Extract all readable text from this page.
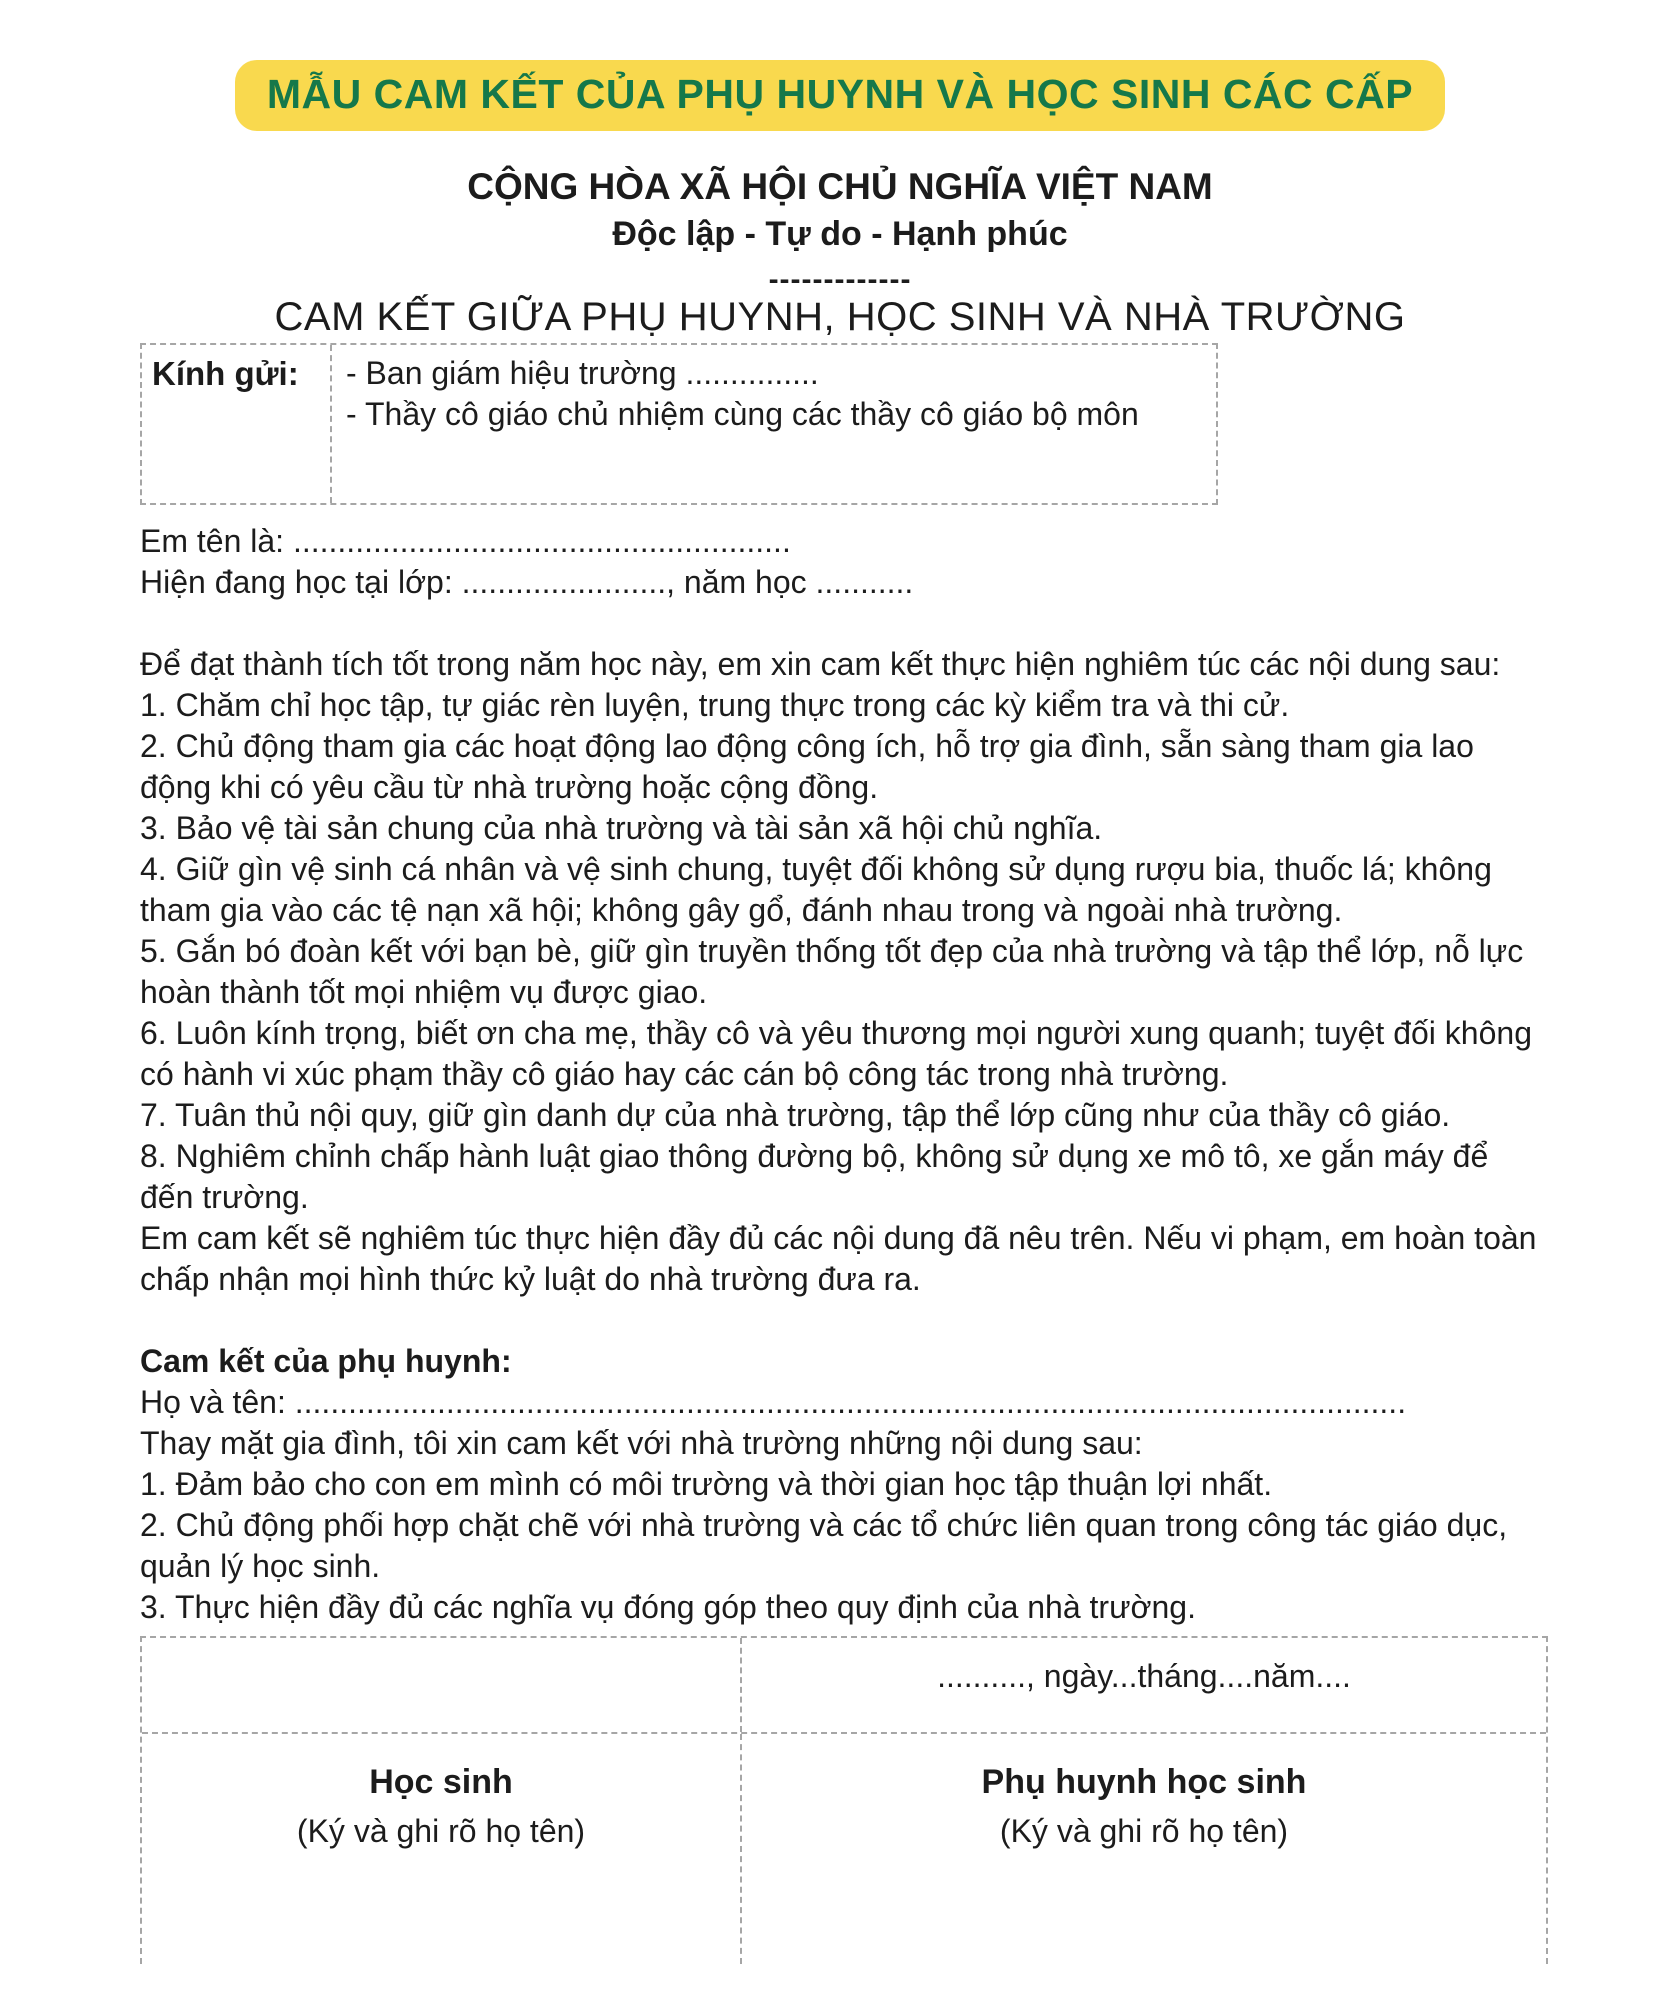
MẪU CAM KẾT CỦA PHỤ HUYNH VÀ HỌC SINH CÁC CẤP
CỘNG HÒA XÃ HỘI CHỦ NGHĨA VIỆT NAM
Độc lập - Tự do - Hạnh phúc
-------------
CAM KẾT GIỮA PHỤ HUYNH, HỌC SINH VÀ NHÀ TRƯỜNG
Kính gửi:	- Ban giám hiệu trường ...............
- Thầy cô giáo chủ nhiệm cùng các thầy cô giáo bộ môn
Em tên là: ........................................................
Hiện đang học tại lớp: ......................., năm học ...........
Để đạt thành tích tốt trong năm học này, em xin cam kết thực hiện nghiêm túc các nội dung sau:
1. Chăm chỉ học tập, tự giác rèn luyện, trung thực trong các kỳ kiểm tra và thi cử.
2. Chủ động tham gia các hoạt động lao động công ích, hỗ trợ gia đình, sẵn sàng tham gia lao động khi có yêu cầu từ nhà trường hoặc cộng đồng.
3. Bảo vệ tài sản chung của nhà trường và tài sản xã hội chủ nghĩa.
4. Giữ gìn vệ sinh cá nhân và vệ sinh chung, tuyệt đối không sử dụng rượu bia, thuốc lá; không tham gia vào các tệ nạn xã hội; không gây gổ, đánh nhau trong và ngoài nhà trường.
5. Gắn bó đoàn kết với bạn bè, giữ gìn truyền thống tốt đẹp của nhà trường và tập thể lớp, nỗ lực hoàn thành tốt mọi nhiệm vụ được giao.
6. Luôn kính trọng, biết ơn cha mẹ, thầy cô và yêu thương mọi người xung quanh; tuyệt đối không có hành vi xúc phạm thầy cô giáo hay các cán bộ công tác trong nhà trường.
7. Tuân thủ nội quy, giữ gìn danh dự của nhà trường, tập thể lớp cũng như của thầy cô giáo.
8. Nghiêm chỉnh chấp hành luật giao thông đường bộ, không sử dụng xe mô tô, xe gắn máy để đến trường.
Em cam kết sẽ nghiêm túc thực hiện đầy đủ các nội dung đã nêu trên. Nếu vi phạm, em hoàn toàn chấp nhận mọi hình thức kỷ luật do nhà trường đưa ra.
Cam kết của phụ huynh:
Họ và tên: .............................................................................................................................
Thay mặt gia đình, tôi xin cam kết với nhà trường những nội dung sau:
1. Đảm bảo cho con em mình có môi trường và thời gian học tập thuận lợi nhất.
2. Chủ động phối hợp chặt chẽ với nhà trường và các tổ chức liên quan trong công tác giáo dục, quản lý học sinh.
3. Thực hiện đầy đủ các nghĩa vụ đóng góp theo quy định của nhà trường.
.........., ngày...tháng....năm....
Học sinh
(Ký và ghi rõ họ tên)
Phụ huynh học sinh
(Ký và ghi rõ họ tên)
